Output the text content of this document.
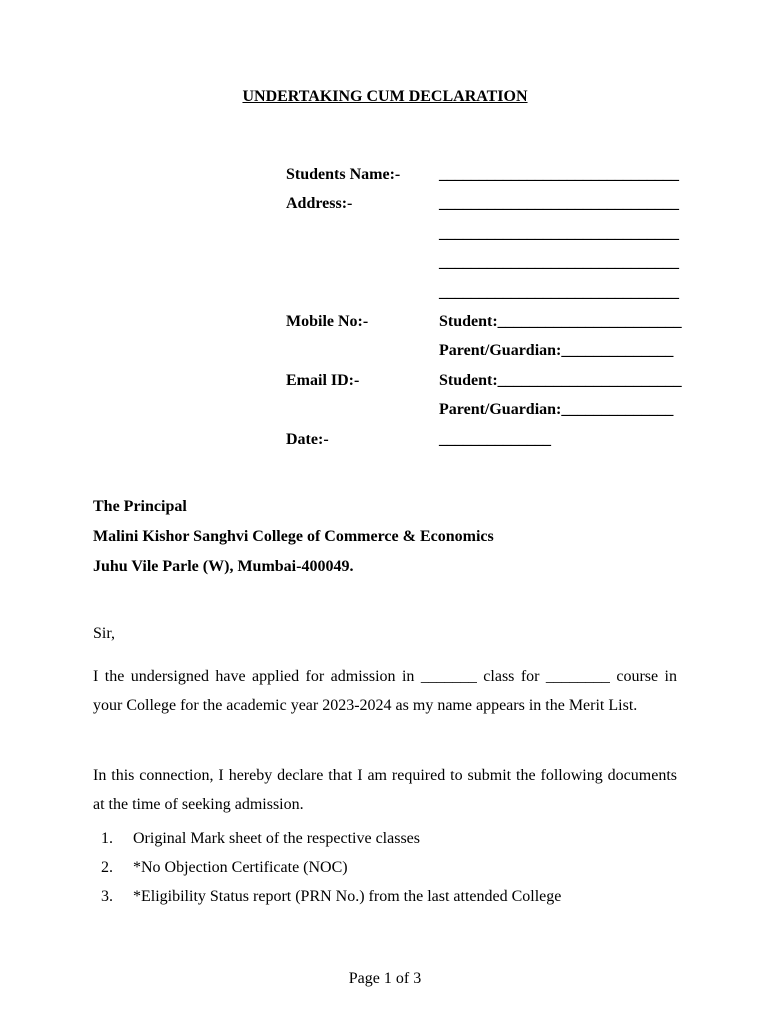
UNDERTAKING CUM DECLARATION
Students Name:- ______________________________
Address:-	______________________________
______________________________
______________________________
______________________________
Mobile No:-	Student:_______________________
Parent/Guardian:______________
Email ID:-	Student:_______________________
Parent/Guardian:______________
Date:-	______________
The Principal
Malini Kishor Sanghvi College of Commerce & Economics
Juhu Vile Parle (W), Mumbai-400049.
Sir,
I the undersigned have applied for admission in _______ class for ________ course in your College for the academic year 2023-2024 as my name appears in the Merit List.
In this connection, I hereby declare that I am required to submit the following documents at the time of seeking admission.
1. Original Mark sheet of the respective classes
2. *No Objection Certificate (NOC)
3. *Eligibility Status report (PRN No.) from the last attended College
Page 1 of 3
